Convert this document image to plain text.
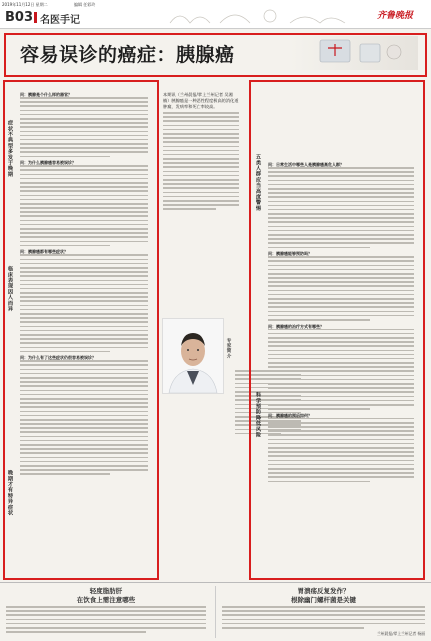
2019年11月12日 星期二	编辑 任彩玲
B03 名医手记	齐鲁晚报
容易误诊的癌症：胰腺癌
症状不典型多发于晚期
临床表现因人而异
晚期才有特异症状
问：胰腺是个什么样的器官？
问：为什么胰腺癌容易被误诊？
问：胰腺癌都有哪些症状？
问：为什么有了这些症状仍很容易被误诊？
本期讯（兰州晨报/掌上兰州记者 吴湘楠）胰腺癌是一种恶性程度极高的消化道肿瘤，发病率和死亡率较高。
专家简介
五类人群应当高度警惕
科学预防降低风险
问：日常生活中哪些人是胰腺癌高危人群？
问：胰腺癌能够预防吗？
问：胰腺癌的治疗方式有哪些？
问：胰腺癌的预后如何？
轻度脂肪肝
在饮食上需注意哪些
胃溃疡反复发作？
根除幽门螺杆菌是关键
兰州晨报/掌上兰州记者 杨丽
